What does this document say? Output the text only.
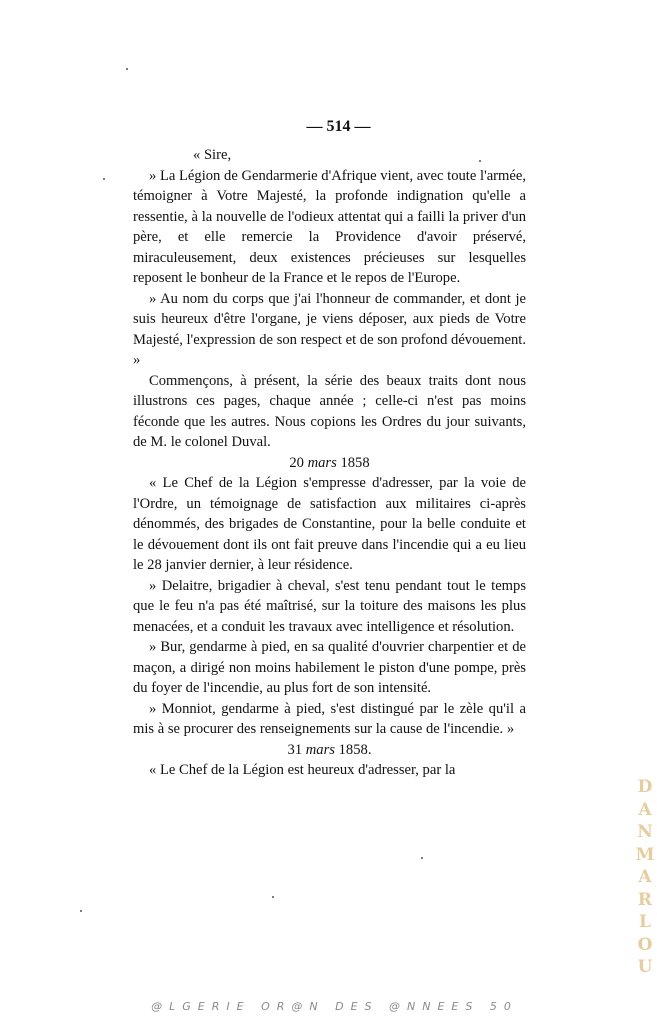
— 514 —

« Sire,

» La Légion de Gendarmerie d'Afrique vient, avec toute l'armée, témoigner à Votre Majesté, la profonde indignation qu'elle a ressentie, à la nouvelle de l'odieux attentat qui a failli la priver d'un père, et elle remercie la Providence d'avoir préservé, miraculeusement, deux existences précieuses sur lesquelles reposent le bonheur de la France et le repos de l'Europe.

» Au nom du corps que j'ai l'honneur de commander, et dont je suis heureux d'être l'organe, je viens déposer, aux pieds de Votre Majesté, l'expression de son respect et de son profond dévouement. »

Commençons, à présent, la série des beaux traits dont nous illustrons ces pages, chaque année ; celle-ci n'est pas moins féconde que les autres. Nous copions les Ordres du jour suivants, de M. le colonel Duval.

20 mars 1858

« Le Chef de la Légion s'empresse d'adresser, par la voie de l'Ordre, un témoignage de satisfaction aux militaires ci-après dénommés, des brigades de Constantine, pour la belle conduite et le dévouement dont ils ont fait preuve dans l'incendie qui a eu lieu le 28 janvier dernier, à leur résidence.

» Delaitre, brigadier à cheval, s'est tenu pendant tout le temps que le feu n'a pas été maîtrisé, sur la toiture des maisons les plus menacées, et a conduit les travaux avec intelligence et résolution.

» Bur, gendarme à pied, en sa qualité d'ouvrier charpentier et de maçon, a dirigé non moins habilement le piston d'une pompe, près du foyer de l'incendie, au plus fort de son intensité.

» Monniot, gendarme à pied, s'est distingué par le zèle qu'il a mis à se procurer des renseignements sur la cause de l'incendie. »

31 mars 1858.

« Le Chef de la Légion est heureux d'adresser, par la

D
A
N
M
A
R
L
O
U
@LGERIE OR@N DES @NNEES 50
